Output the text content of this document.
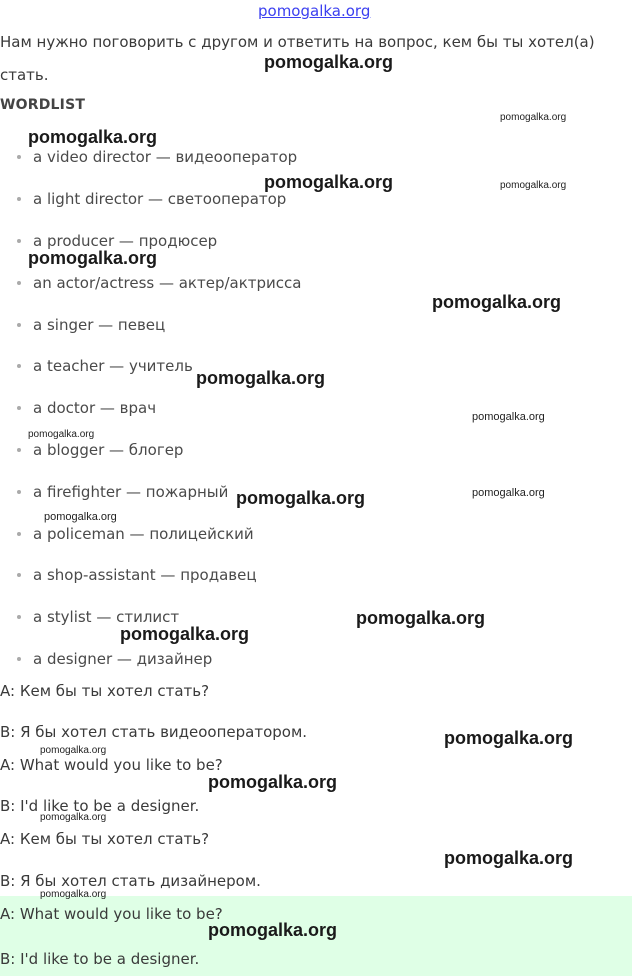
pomogalka.org
Нам нужно поговорить с другом и ответить на вопрос, кем бы ты хотел(а)
стать.
WORDLIST
a video director — видеооператор
a light director — светооператор
a producer — продюсер
an actor/actress — актер/актрисса
a singer — певец
a teacher — учитель
a doctor — врач
a blogger — блогер
a firefighter — пожарный
a policeman — полицейский
a shop-assistant — продавец
a stylist — стилист
a designer — дизайнер
A: Кем бы ты хотел стать?
B: Я бы хотел стать видеооператором.
A: What would you like to be?
B: I'd like to be a designer.
A: Кем бы ты хотел стать?
B: Я бы хотел стать дизайнером.
A: What would you like to be?
B: I'd like to be a designer.
pomogalka.org
pomogalka.org
pomogalka.org
pomogalka.org	pomogalka.org
pomogalka.org
pomogalka.org
pomogalka.org
pomogalka.org
pomogalka.org
pomogalka.org	pomogalka.org
pomogalka.org
pomogalka.org
pomogalka.org
pomogalka.org
pomogalka.org
pomogalka.org
pomogalka.org
pomogalka.org
pomogalka.org
pomogalka.org
